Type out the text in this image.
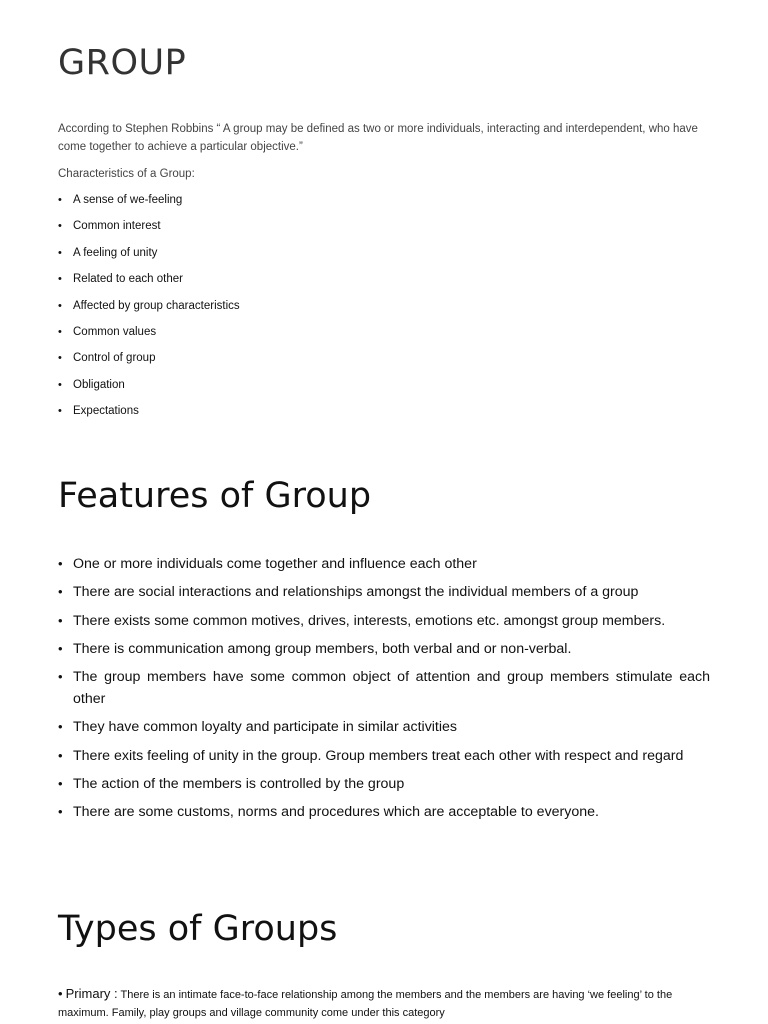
GROUP

According to Stephen Robbins “ A group may be defined as two or more individuals, interacting and interdependent, who have come together to achieve a particular objective.”

Characteristics of a Group:

• A sense of we-feeling
• Common interest
• A feeling of unity
• Related to each other
• Affected by group characteristics
• Common values
• Control of group
• Obligation
• Expectations
Features of Group
• One or more individuals come together and influence each other
• There are social interactions and relationships amongst the individual members of a group
• There exists some common motives, drives, interests, emotions etc. amongst group members.
• There is communication among group members, both verbal and or non-verbal.
• The group members have some common object of attention and group members stimulate each other
• They have common loyalty and participate in similar activities
• There exits feeling of unity in the group. Group members treat each other with respect and regard
• The action of the members is controlled by the group
• There are some customs, norms and procedures which are acceptable to everyone.
Types of Groups

• Primary : There is an intimate face-to-face relationship among the members and the members are having ‘we feeling’ to the maximum. Family, play groups and village community come under this category
